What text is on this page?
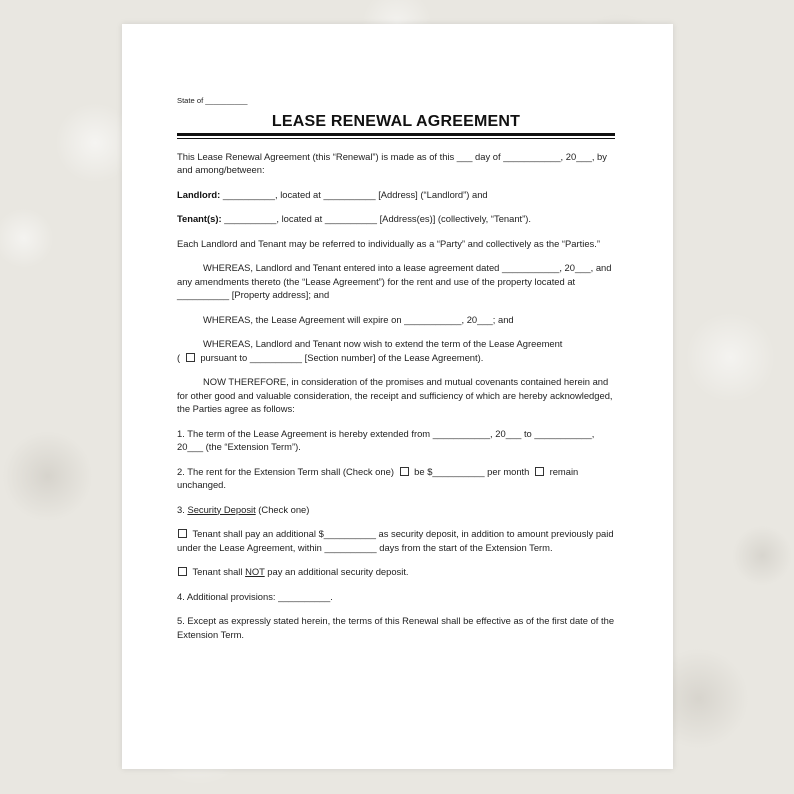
State of __________

LEASE RENEWAL AGREEMENT

This Lease Renewal Agreement (this “Renewal”) is made as of this ___ day of ___________, 20___, by and among/between:

Landlord: __________, located at __________ [Address] (“Landlord”) and

Tenant(s): __________, located at __________ [Address(es)] (collectively, “Tenant”).

Each Landlord and Tenant may be referred to individually as a “Party” and collectively as the “Parties.”

WHEREAS, Landlord and Tenant entered into a lease agreement dated ___________, 20___, and any amendments thereto (the “Lease Agreement”) for the rent and use of the property located at __________ [Property address]; and

WHEREAS, the Lease Agreement will expire on ___________, 20___; and

WHEREAS, Landlord and Tenant now wish to extend the term of the Lease Agreement

( pursuant to __________ [Section number] of the Lease Agreement).

NOW THEREFORE, in consideration of the promises and mutual covenants contained herein and for other good and valuable consideration, the receipt and sufficiency of which are hereby acknowledged, the Parties agree as follows:

1. The term of the Lease Agreement is hereby extended from ___________, 20___ to ___________, 20___ (the “Extension Term”).

2. The rent for the Extension Term shall (Check one) be $__________ per month remain unchanged.

3. Security Deposit (Check one)

Tenant shall pay an additional $__________ as security deposit, in addition to amount previously paid under the Lease Agreement, within __________ days from the start of the Extension Term.

Tenant shall NOT pay an additional security deposit.

4. Additional provisions: __________.

5. Except as expressly stated herein, the terms of this Renewal shall be effective as of the first date of the Extension Term.
